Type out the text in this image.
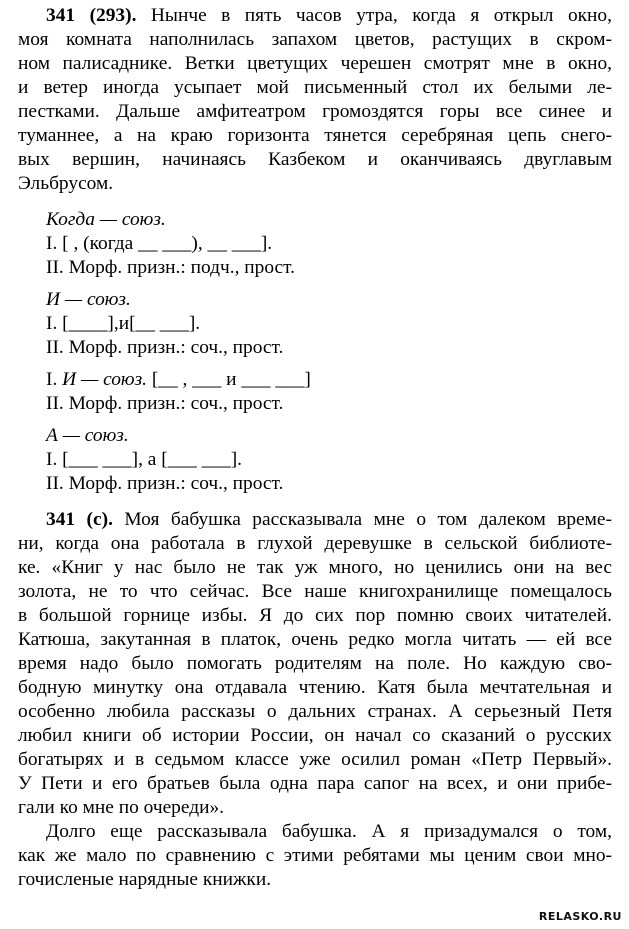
341 (293). Нынче в пять часов утра, когда я открыл окно,
моя комната наполнилась запахом цветов, растущих в скром-
ном палисаднике. Ветки цветущих черешен смотрят мне в окно,
и ветер иногда усыпает мой письменный стол их белыми ле-
пестками. Дальше амфитеатром громоздятся горы все синее и
туманнее, а на краю горизонта тянется серебряная цепь снего-
вых вершин, начинаясь Казбеком и оканчиваясь двуглавым
Эльбрусом.
Когда — союз.
I. [ , (когда __ ___), __ ___].
II. Морф. призн.: подч., прост.
И — союз.
I. [____],и[__ ___].
II. Морф. призн.: соч., прост.
I. И — союз. [__ , ___ и ___ ___]
II. Морф. призн.: соч., прост.
А — союз.
I. [___ ___], а [___ ___].
II. Морф. призн.: соч., прост.
341 (с). Моя бабушка рассказывала мне о том далеком време-
ни, когда она работала в глухой деревушке в сельской библиоте-
ке. «Книг у нас было не так уж много, но ценились они на вес
золота, не то что сейчас. Все наше книгохранилище помещалось
в большой горнице избы. Я до сих пор помню своих читателей.
Катюша, закутанная в платок, очень редко могла читать — ей все
время надо было помогать родителям на поле. Но каждую сво-
бодную минутку она отдавала чтению. Катя была мечтательная и
особенно любила рассказы о дальних странах. А серьезный Петя
любил книги об истории России, он начал со сказаний о русских
богатырях и в седьмом классе уже осилил роман «Петр Первый».
У Пети и его братьев была одна пара сапог на всех, и они прибе-
гали ко мне по очереди».
Долго еще рассказывала бабушка. А я призадумался о том,
как же мало по сравнению с этими ребятами мы ценим свои мно-
гочисленые нарядные книжки.
RELASKO.RU
